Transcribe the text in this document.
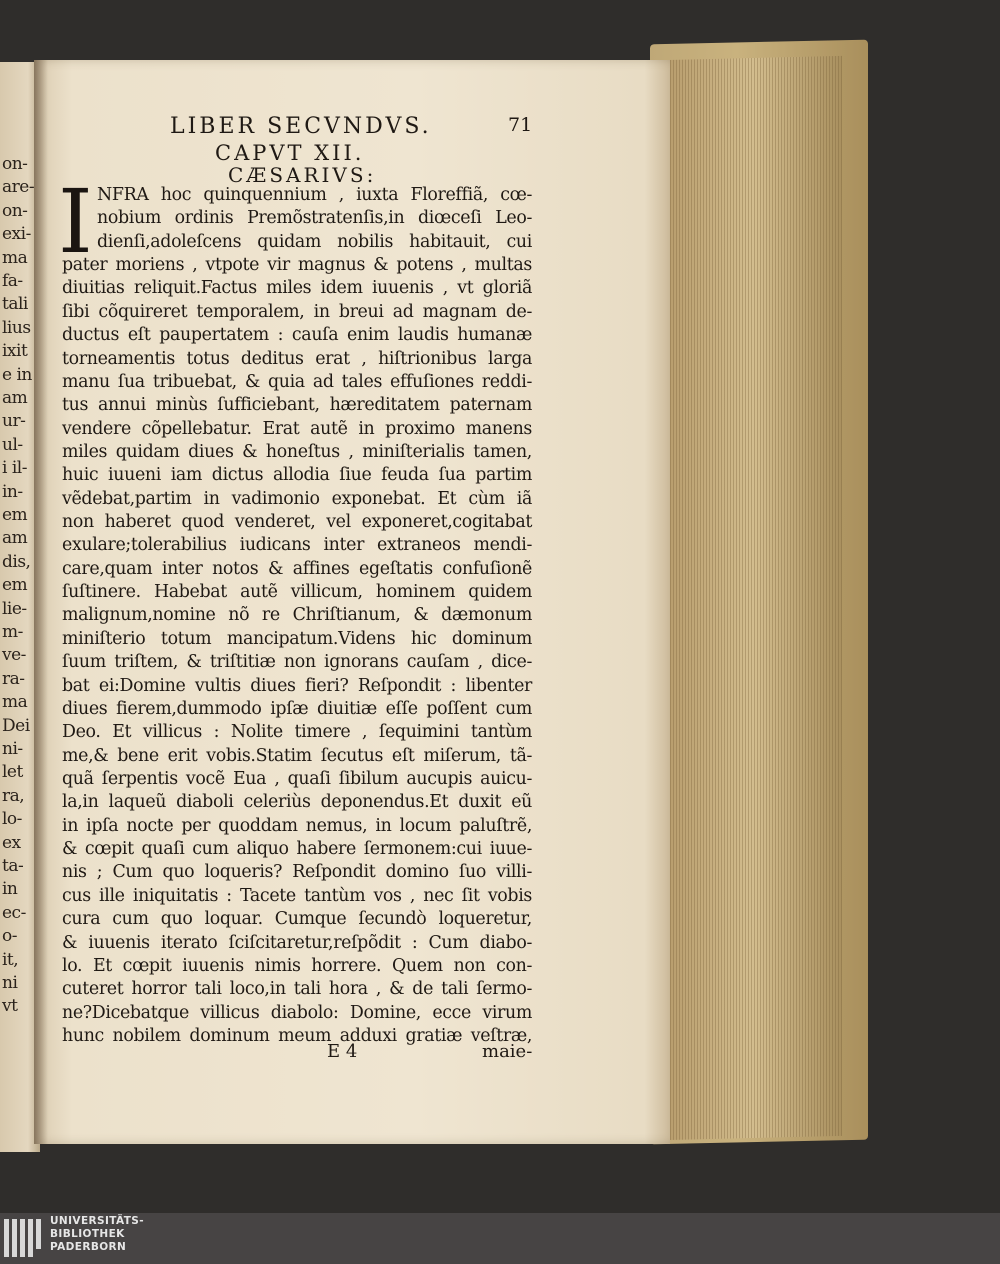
on-
are-
on-
exi-
ma
fa-
tali
lius
ixit
e in
am
ur-
ul-
i il-
in-
em
am
dis,
em
lie-
m-
ve-
ra-
ma
Dei
ni-
let
ra,
lo-
ex
ta-
in
ec-
o-
it,
ni
vt
LIBER SECVNDVS.	71
CAPVT XII.
CÆSARIVS:
I NFRA hoc quinquennium , iuxta Floreffiã, cœ-
nobium ordinis Premõstratenſis,in diœceſi Leo-
dienſi,adoleſcens quidam nobilis habitauit, cui
pater moriens , vtpote vir magnus & potens , multas
diuitias reliquit.Factus miles idem iuuenis , vt gloriã
ſibi cõquireret temporalem, in breui ad magnam de-
ductus eſt paupertatem : cauſa enim laudis humanæ
torneamentis totus deditus erat , hiſtrionibus larga
manu ſua tribuebat, & quia ad tales effuſiones reddi-
tus annui minùs ſufficiebant, hæreditatem paternam
vendere cõpellebatur. Erat autẽ in proximo manens
miles quidam diues & honeſtus , miniſterialis tamen,
huic iuueni iam dictus allodia ſiue feuda ſua partim
vẽdebat,partim in vadimonio exponebat. Et cùm iã
non haberet quod venderet, vel exponeret,cogitabat
exulare;tolerabilius iudicans inter extraneos mendi-
care,quam inter notos & affines egeſtatis confuſionẽ
ſuſtinere. Habebat autẽ villicum, hominem quidem
malignum,nomine nõ re Chriſtianum, & dæmonum
miniſterio totum mancipatum.Videns hic dominum
ſuum triſtem, & triſtitiæ non ignorans cauſam , dice-
bat ei:Domine vultis diues fieri? Reſpondit : libenter
diues fierem,dummodo ipſæ diuitiæ eſſe poſſent cum
Deo. Et villicus : Nolite timere , ſequimini tantùm
me,& bene erit vobis.Statim ſecutus eſt miſerum, tã-
quã ſerpentis vocẽ Eua , quaſi ſibilum aucupis auicu-
la,in laqueũ diaboli celeriùs deponendus.Et duxit eũ
in ipſa nocte per quoddam nemus, in locum paluſtrẽ,
& cœpit quaſi cum aliquo habere ſermonem:cui iuue-
nis ; Cum quo loqueris? Reſpondit domino ſuo villi-
cus ille iniquitatis : Tacete tantùm vos , nec ſit vobis
cura cum quo loquar. Cumque ſecundò loqueretur,
& iuuenis iterato ſciſcitaretur,reſpõdit : Cum diabo-
lo. Et cœpit iuuenis nimis horrere. Quem non con-
cuteret horror tali loco,in tali hora , & de tali ſermo-
ne?Dicebatque villicus diabolo: Domine, ecce virum
hunc nobilem dominum meum adduxi gratiæ veſtræ,
E 4	maie-
UNIVERSITÄTS-
BIBLIOTHEK
PADERBORN
